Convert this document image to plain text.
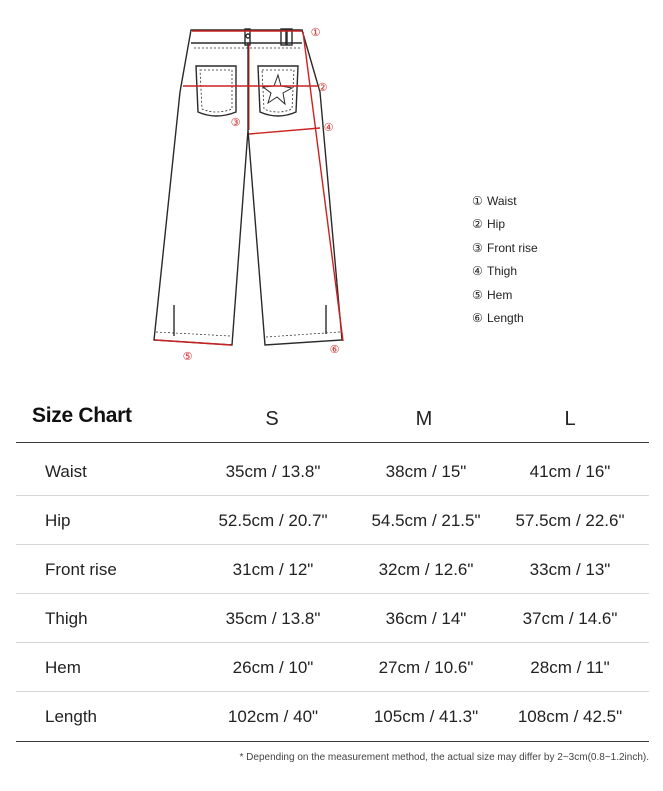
①
②
③	④
⑤
⑥
① Waist
② Hip
③ Front rise
④ Thigh
⑤ Hem
⑥ Length
Size Chart	S	M	L
Waist	35cm / 13.8"	38cm / 15"	41cm / 16"
Hip	52.5cm / 20.7"	54.5cm / 21.5"	57.5cm / 22.6"
Front rise	31cm / 12"	32cm / 12.6"	33cm / 13"
Thigh	35cm / 13.8"	36cm / 14"	37cm / 14.6"
Hem	26cm / 10"	27cm / 10.6"	28cm / 11"
Length	102cm / 40"	105cm / 41.3"	108cm / 42.5"
* Depending on the measurement method, the actual size may differ by 2~3cm(0.8~1.2inch).
